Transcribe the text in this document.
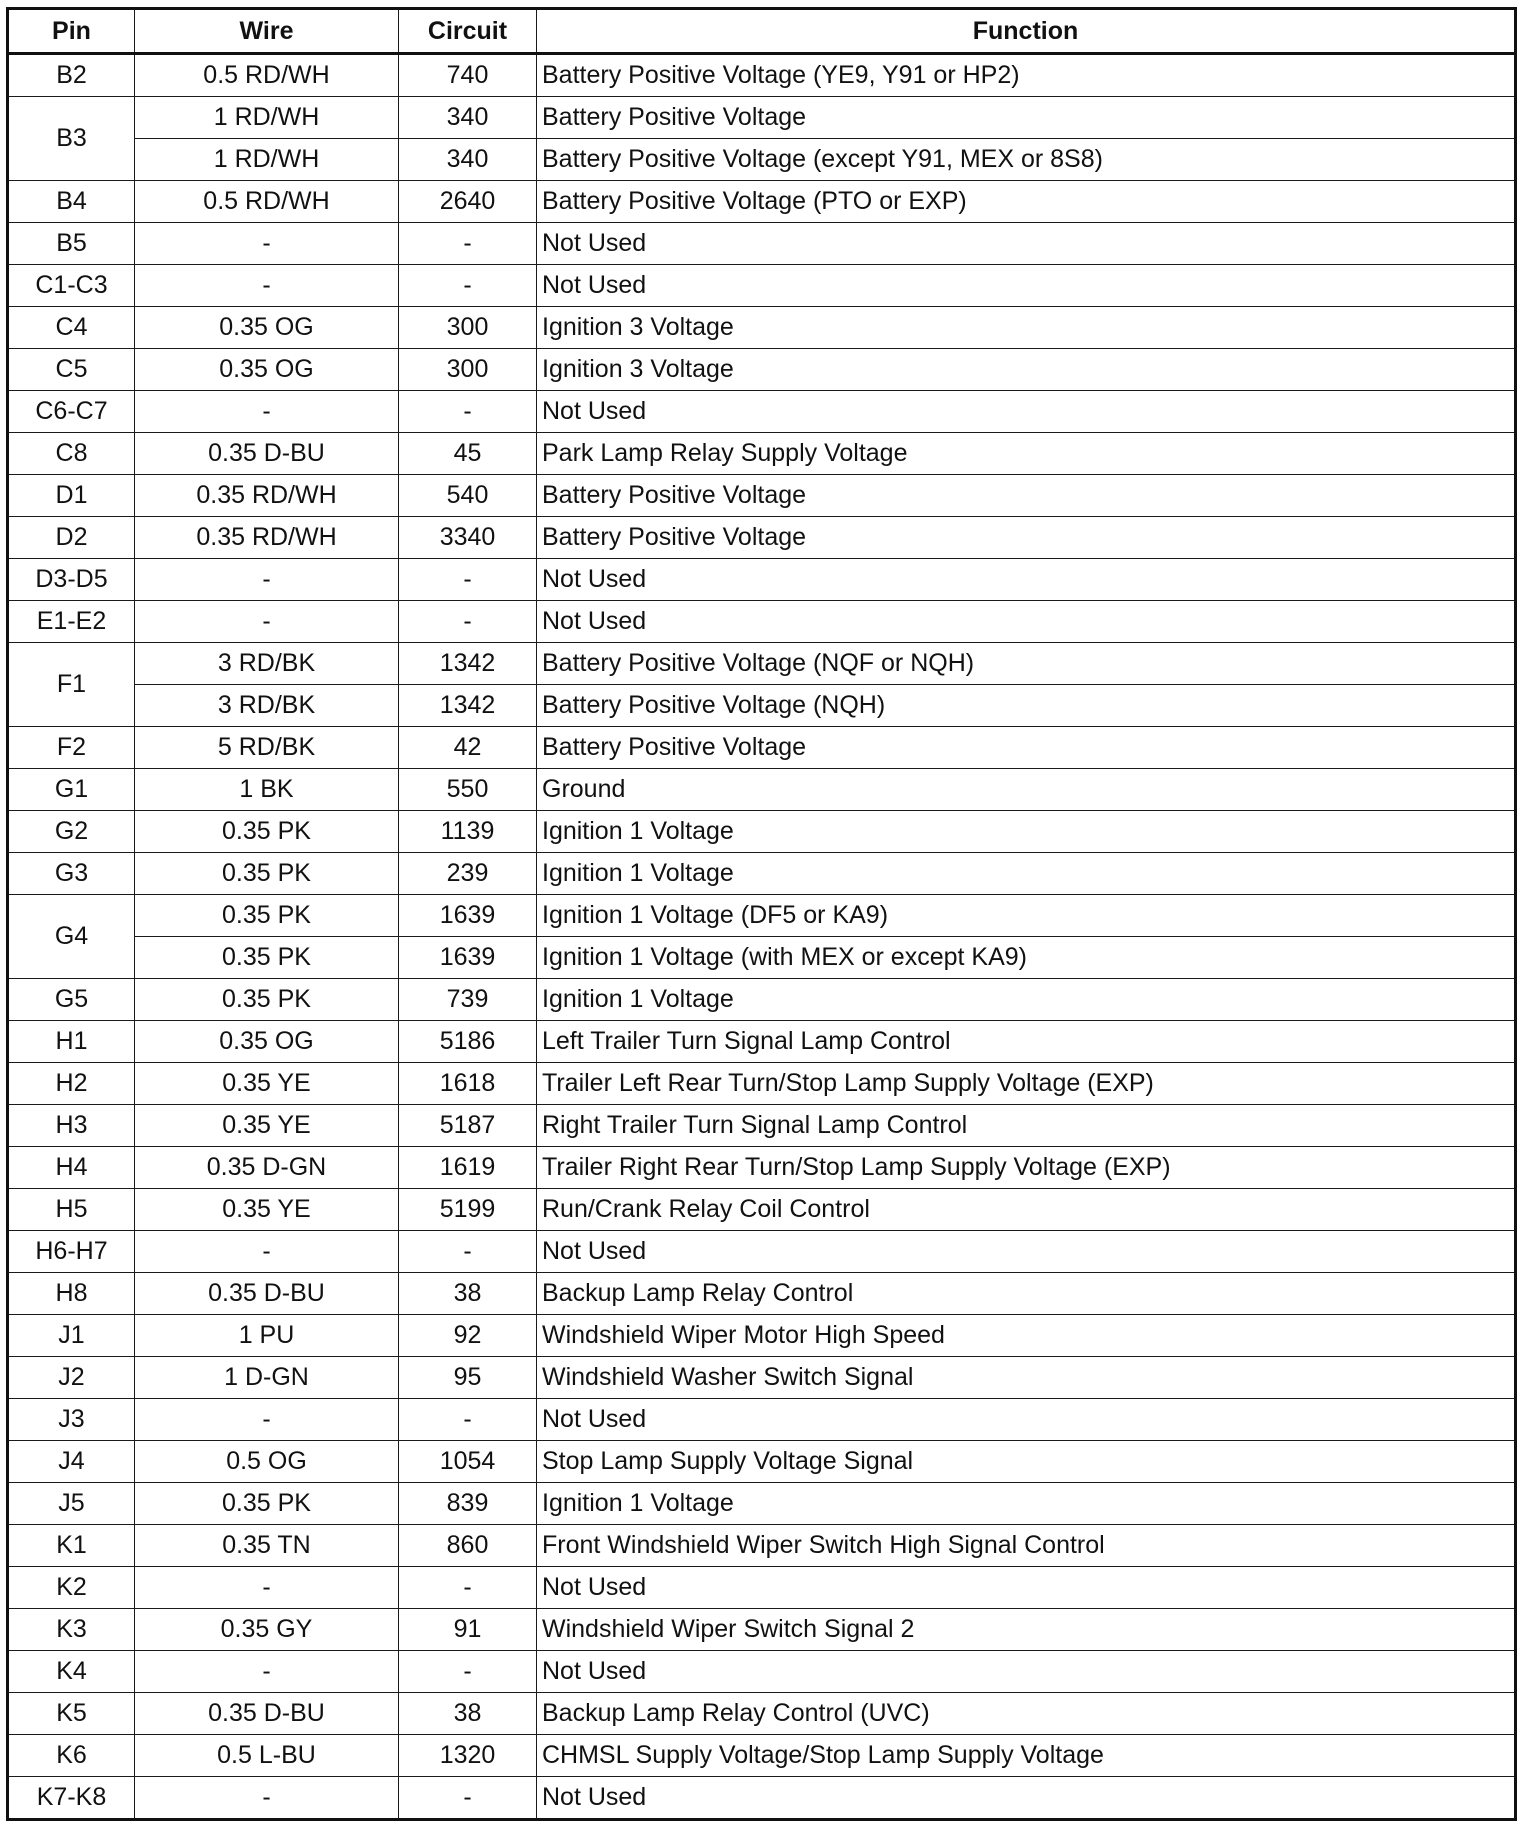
Pin	Wire	Circuit	Function
B2	0.5 RD/WH	740	Battery Positive Voltage (YE9, Y91 or HP2)
B3	1 RD/WH	340	Battery Positive Voltage
	1 RD/WH	340	Battery Positive Voltage (except Y91, MEX or 8S8)
B4	0.5 RD/WH	2640	Battery Positive Voltage (PTO or EXP)
B5	-	-	Not Used
C1-C3	-	-	Not Used
C4	0.35 OG	300	Ignition 3 Voltage
C5	0.35 OG	300	Ignition 3 Voltage
C6-C7	-	-	Not Used
C8	0.35 D-BU	45	Park Lamp Relay Supply Voltage
D1	0.35 RD/WH	540	Battery Positive Voltage
D2	0.35 RD/WH	3340	Battery Positive Voltage
D3-D5	-	-	Not Used
E1-E2	-	-	Not Used
F1	3 RD/BK	1342	Battery Positive Voltage (NQF or NQH)
	3 RD/BK	1342	Battery Positive Voltage (NQH)
F2	5 RD/BK	42	Battery Positive Voltage
G1	1 BK	550	Ground
G2	0.35 PK	1139	Ignition 1 Voltage
G3	0.35 PK	239	Ignition 1 Voltage
G4	0.35 PK	1639	Ignition 1 Voltage (DF5 or KA9)
	0.35 PK	1639	Ignition 1 Voltage (with MEX or except KA9)
G5	0.35 PK	739	Ignition 1 Voltage
H1	0.35 OG	5186	Left Trailer Turn Signal Lamp Control
H2	0.35 YE	1618	Trailer Left Rear Turn/Stop Lamp Supply Voltage (EXP)
H3	0.35 YE	5187	Right Trailer Turn Signal Lamp Control
H4	0.35 D-GN	1619	Trailer Right Rear Turn/Stop Lamp Supply Voltage (EXP)
H5	0.35 YE	5199	Run/Crank Relay Coil Control
H6-H7	-	-	Not Used
H8	0.35 D-BU	38	Backup Lamp Relay Control
J1	1 PU	92	Windshield Wiper Motor High Speed
J2	1 D-GN	95	Windshield Washer Switch Signal
J3	-	-	Not Used
J4	0.5 OG	1054	Stop Lamp Supply Voltage Signal
J5	0.35 PK	839	Ignition 1 Voltage
K1	0.35 TN	860	Front Windshield Wiper Switch High Signal Control
K2	-	-	Not Used
K3	0.35 GY	91	Windshield Wiper Switch Signal 2
K4	-	-	Not Used
K5	0.35 D-BU	38	Backup Lamp Relay Control (UVC)
K6	0.5 L-BU	1320	CHMSL Supply Voltage/Stop Lamp Supply Voltage
K7-K8	-	-	Not Used
